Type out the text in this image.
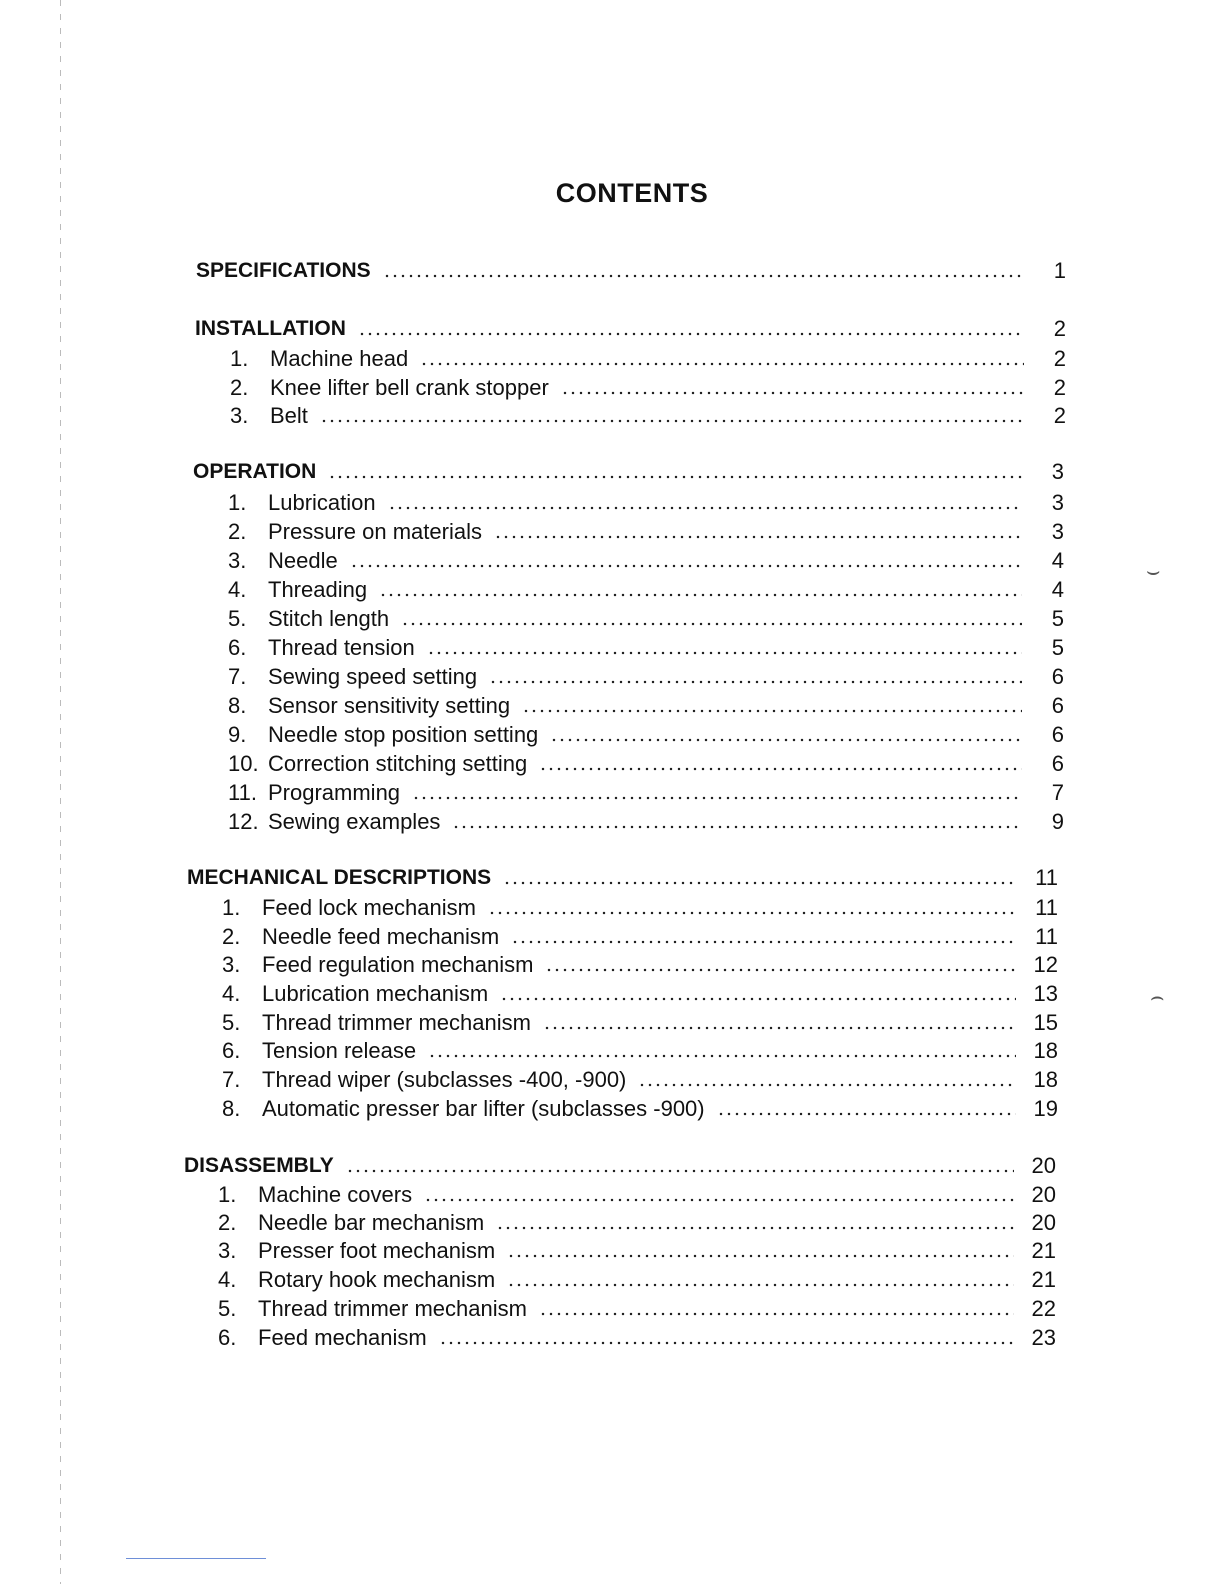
⌣
⌢
CONTENTS
SPECIFICATIONS	1
INSTALLATION	2
1. Machine head	2
2. Knee lifter bell crank stopper	2
3. Belt	2
OPERATION	3
1. Lubrication	3
2. Pressure on materials	3
3. Needle	4
4. Threading	4
5. Stitch length	5
6. Thread tension	5
7. Sewing speed setting	6
8. Sensor sensitivity setting	6
9. Needle stop position setting	6
10. Correction stitching setting	6
11. Programming	7
12. Sewing examples	9
MECHANICAL DESCRIPTIONS	11
1. Feed lock mechanism	11
2. Needle feed mechanism	11
3. Feed regulation mechanism	12
4. Lubrication mechanism	13
5. Thread trimmer mechanism	15
6. Tension release	18
7. Thread wiper (subclasses -400, -900)	18
8. Automatic presser bar lifter (subclasses -900)	19
DISASSEMBLY	20
1. Machine covers	20
2. Needle bar mechanism	20
3. Presser foot mechanism	21
4. Rotary hook mechanism	21
5. Thread trimmer mechanism	22
6. Feed mechanism	23
